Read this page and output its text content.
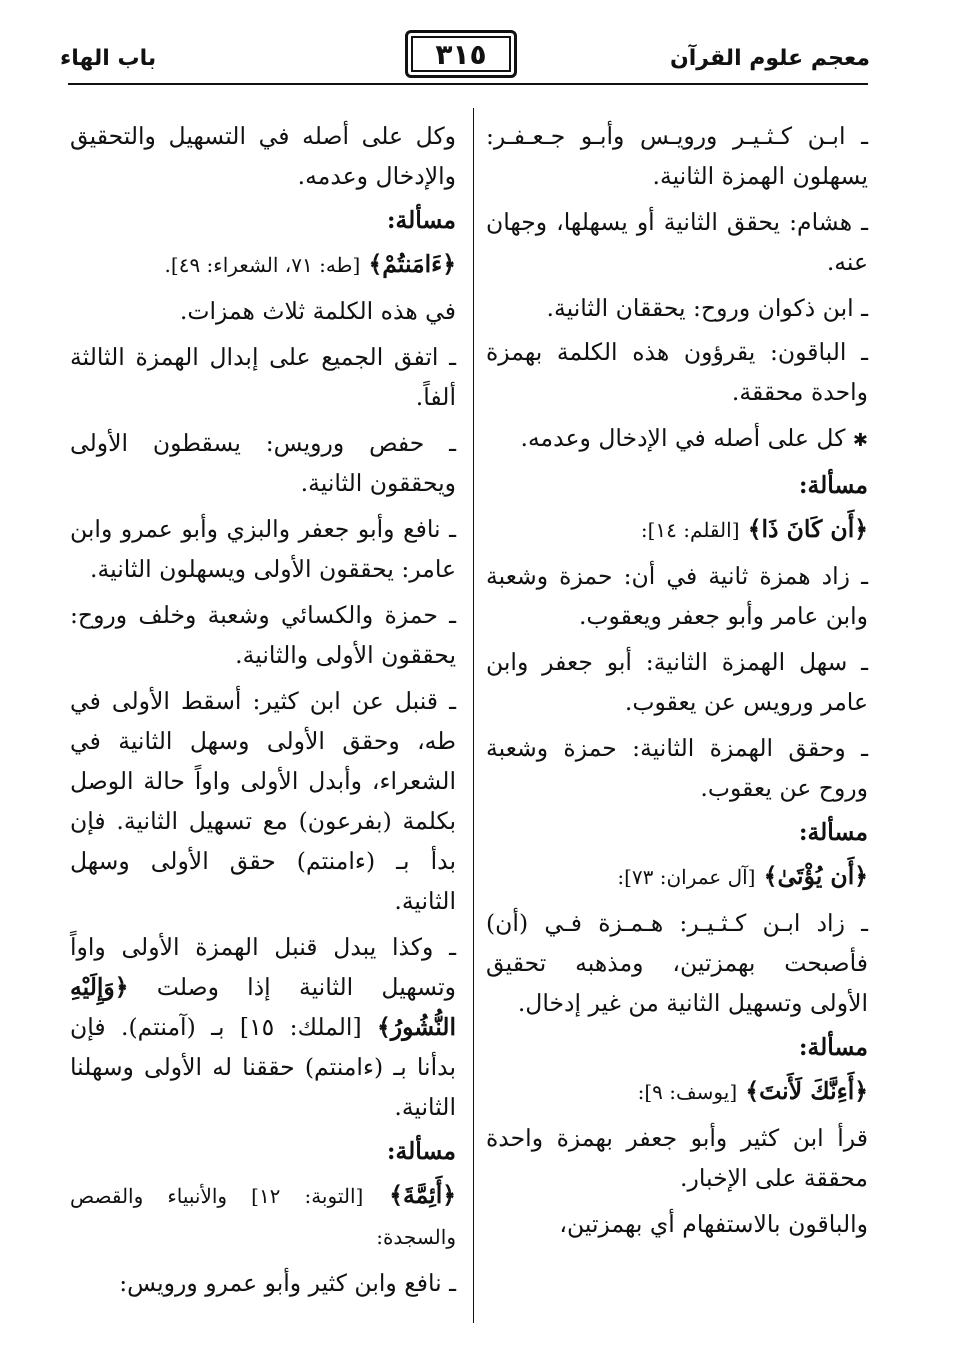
معجم علوم القرآن
٣١٥
باب الهاء

ـ ابـن كـثـيـر ورويـس وأبـو جـعـفـر: يسهلون الهمزة الثانية.

ـ هشام: يحقق الثانية أو يسهلها، وجهان عنه.

ـ ابن ذكوان وروح: يحققان الثانية.

ـ الباقون: يقرؤون هذه الكلمة بهمزة واحدة محققة.

✱ كل على أصله في الإدخال وعدمه.

مسألة:

﴿أَن كَانَ ذَا﴾ [القلم: ١٤]:

ـ زاد همزة ثانية في أن: حمزة وشعبة وابن عامر وأبو جعفر ويعقوب.

ـ سهل الهمزة الثانية: أبو جعفر وابن عامر ورويس عن يعقوب.

ـ وحقق الهمزة الثانية: حمزة وشعبة وروح عن يعقوب.

مسألة:

﴿أَن يُؤْتَىٰ﴾ [آل عمران: ٧٣]:

ـ زاد ابـن كـثـيـر: هـمـزة فـي (أن) فأصبحت بهمزتين، ومذهبه تحقيق الأولى وتسهيل الثانية من غير إدخال.

مسألة:

﴿أَءِنَّكَ لَأَنتَ﴾ [يوسف: ٩]:

قرأ ابن كثير وأبو جعفر بهمزة واحدة محققة على الإخبار.

والباقون بالاستفهام أي بهمزتين،

وكل على أصله في التسهيل والتحقيق والإدخال وعدمه.

مسألة:

﴿ءَامَنتُمْ﴾ [طه: ٧١، الشعراء: ٤٩].

في هذه الكلمة ثلاث همزات.

ـ اتفق الجميع على إبدال الهمزة الثالثة ألفاً.

ـ حفص ورويس: يسقطون الأولى ويحققون الثانية.

ـ نافع وأبو جعفر والبزي وأبو عمرو وابن عامر: يحققون الأولى ويسهلون الثانية.

ـ حمزة والكسائي وشعبة وخلف وروح: يحققون الأولى والثانية.

ـ قنبل عن ابن كثير: أسقط الأولى في طه، وحقق الأولى وسهل الثانية في الشعراء، وأبدل الأولى واواً حالة الوصل بكلمة (بفرعون) مع تسهيل الثانية. فإن بدأ بـ (ءامنتم) حقق الأولى وسهل الثانية.

ـ وكذا يبدل قنبل الهمزة الأولى واواً وتسهيل الثانية إذا وصلت ﴿وَإِلَيْهِ النُّشُورُ﴾ [الملك: ١٥] بـ (آمنتم). فإن بدأنا بـ (ءامنتم) حققنا له الأولى وسهلنا الثانية.

مسألة:

﴿أَئِمَّةَ﴾ [التوبة: ١٢] والأنبياء والقصص والسجدة:

ـ نافع وابن كثير وأبو عمرو ورويس:
